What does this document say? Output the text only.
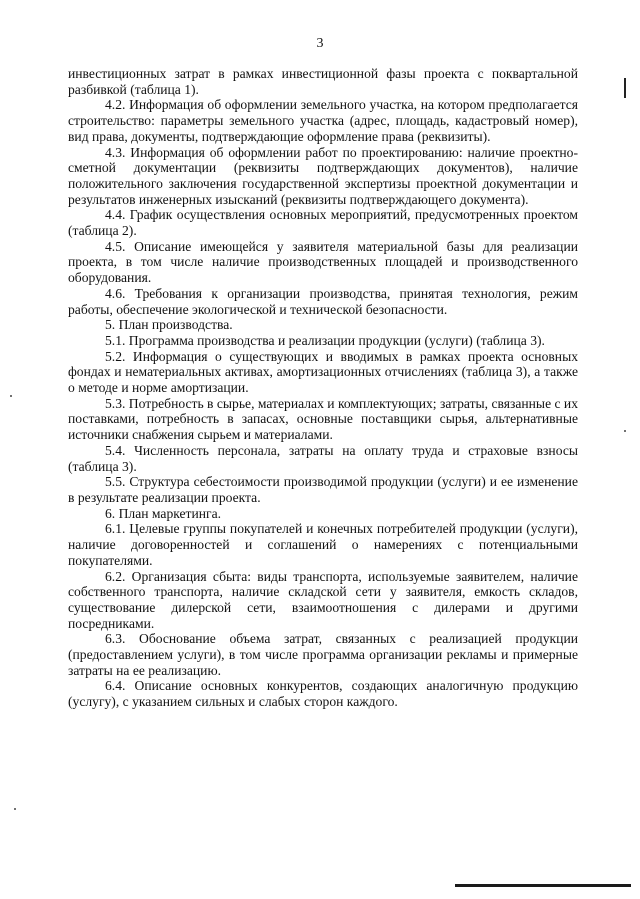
3

инвестиционных затрат в рамках инвестиционной фазы проекта с поквартальной разбивкой (таблица 1).

4.2. Информация об оформлении земельного участка, на котором предполагается строительство: параметры земельного участка (адрес, площадь, кадастровый номер), вид права, документы, подтверждающие оформление права (реквизиты).

4.3. Информация об оформлении работ по проектированию: наличие проектно-сметной документации (реквизиты подтверждающих документов), наличие положительного заключения государственной экспертизы проектной документации и результатов инженерных изысканий (реквизиты подтверждающего документа).

4.4. График осуществления основных мероприятий, предусмотренных проектом (таблица 2).

4.5. Описание имеющейся у заявителя материальной базы для реализации проекта, в том числе наличие производственных площадей и производственного оборудования.

4.6. Требования к организации производства, принятая технология, режим работы, обеспечение экологической и технической безопасности.

5. План производства.

5.1. Программа производства и реализации продукции (услуги) (таблица 3).

5.2. Информация о существующих и вводимых в рамках проекта основных фондах и нематериальных активах, амортизационных отчислениях (таблица 3), а также о методе и норме амортизации.

5.3. Потребность в сырье, материалах и комплектующих; затраты, связанные с их поставками, потребность в запасах, основные поставщики сырья, альтернативные источники снабжения сырьем и материалами.

5.4. Численность персонала, затраты на оплату труда и страховые взносы (таблица 3).

5.5. Структура себестоимости производимой продукции (услуги) и ее изменение в результате реализации проекта.

6. План маркетинга.

6.1. Целевые группы покупателей и конечных потребителей продукции (услуги), наличие договоренностей и соглашений о намерениях с потенциальными покупателями.

6.2. Организация сбыта: виды транспорта, используемые заявителем, наличие собственного транспорта, наличие складской сети у заявителя, емкость складов, существование дилерской сети, взаимоотношения с дилерами и другими посредниками.

6.3. Обоснование объема затрат, связанных с реализацией продукции (предоставлением услуги), в том числе программа организации рекламы и примерные затраты на ее реализацию.

6.4. Описание основных конкурентов, создающих аналогичную продукцию (услугу), с указанием сильных и слабых сторон каждого.
